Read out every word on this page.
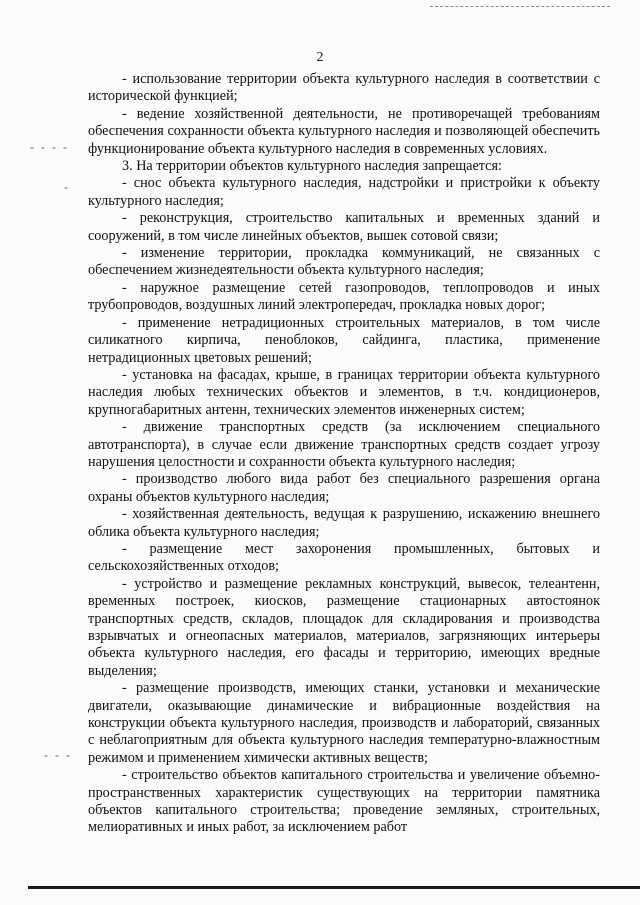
2
- - - -
-
- - -

- использование территории объекта культурного наследия в соответствии с исторической функцией;

- ведение хозяйственной деятельности, не противоречащей требованиям обеспечения сохранности объекта культурного наследия и позволяющей обеспечить функционирование объекта культурного наследия в современных условиях.

3. На территории объектов культурного наследия запрещается:

- снос объекта культурного наследия, надстройки и пристройки к объекту культурного наследия;

- реконструкция, строительство капитальных и временных зданий и сооружений, в том числе линейных объектов, вышек сотовой связи;

- изменение территории, прокладка коммуникаций, не связанных с обеспечением жизнедеятельности объекта культурного наследия;

- наружное размещение сетей газопроводов, теплопроводов и иных трубопроводов, воздушных линий электропередач, прокладка новых дорог;

- применение нетрадиционных строительных материалов, в том числе силикатного кирпича, пеноблоков, сайдинга, пластика, применение нетрадиционных цветовых решений;

- установка на фасадах, крыше, в границах территории объекта культурного наследия любых технических объектов и элементов, в т.ч. кондиционеров, крупногабаритных антенн, технических элементов инженерных систем;

- движение транспортных средств (за исключением специального автотранспорта), в случае если движение транспортных средств создает угрозу нарушения целостности и сохранности объекта культурного наследия;

- производство любого вида работ без специального разрешения органа охраны объектов культурного наследия;

- хозяйственная деятельность, ведущая к разрушению, искажению внешнего облика объекта культурного наследия;

- размещение мест захоронения промышленных, бытовых и сельскохозяйственных отходов;

- устройство и размещение рекламных конструкций, вывесок, телеантенн, временных построек, киосков, размещение стационарных автостоянок транспортных средств, складов, площадок для складирования и производства взрывчатых и огнеопасных материалов, материалов, загрязняющих интерьеры объекта культурного наследия, его фасады и территорию, имеющих вредные выделения;

- размещение производств, имеющих станки, установки и механические двигатели, оказывающие динамические и вибрационные воздействия на конструкции объекта культурного наследия, производств и лабораторий, связанных с неблагоприятным для объекта культурного наследия температурно-влажностным режимом и применением химически активных веществ;

- строительство объектов капитального строительства и увеличение объемно-пространственных характеристик существующих на территории памятника объектов капитального строительства; проведение земляных, строительных, мелиоративных и иных работ, за исключением работ
